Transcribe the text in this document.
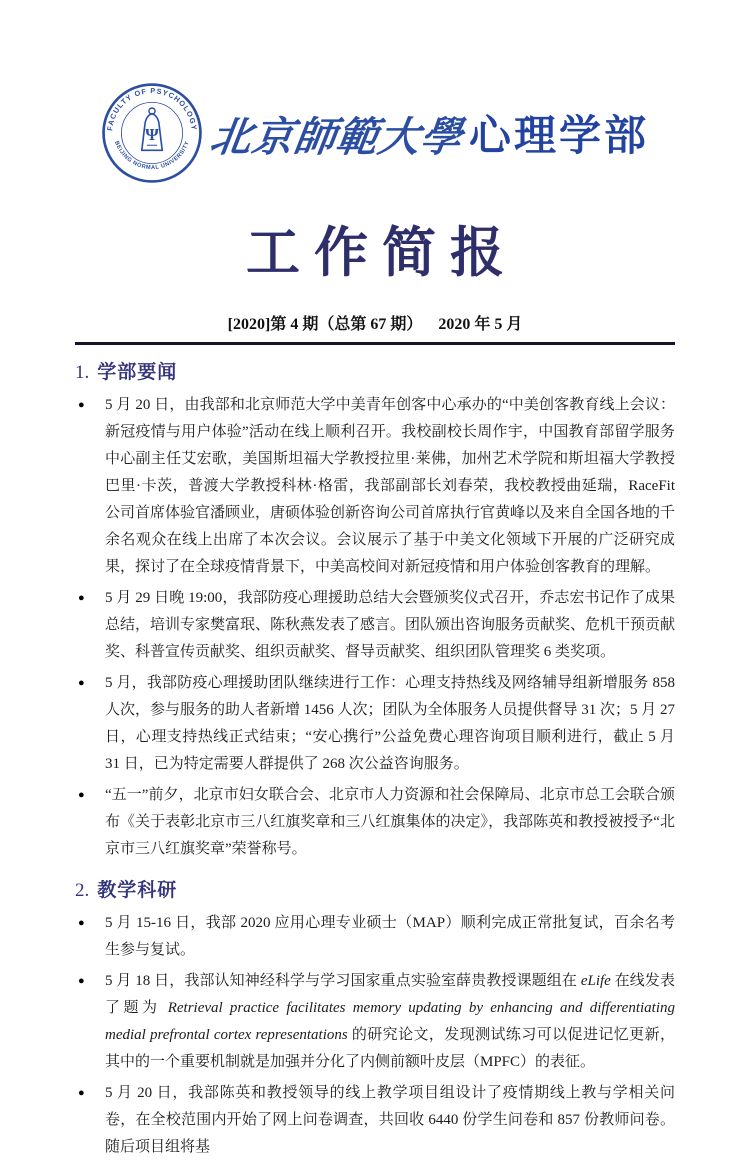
FACULTY OF PSYCHOLOGY
BEIJING NORMAL UNIVERSITY
Ψ 北京師範大學 心理学部
工作简报
[2020]第 4 期（总第 67 期）    2020 年 5 月
1. 学部要闻
●	5 月 20 日，由我部和北京师范大学中美青年创客中心承办的“中美创客教育线上会议：新冠疫情与用户体验”活动在线上顺利召开。我校副校长周作宇，中国教育部留学服务中心副主任艾宏歌，美国斯坦福大学教授拉里·莱佛，加州艺术学院和斯坦福大学教授巴里·卡茨，普渡大学教授科林·格雷，我部副部长刘春荣，我校教授曲延瑞，RaceFit 公司首席体验官潘顾业，唐硕体验创新咨询公司首席执行官黄峰以及来自全国各地的千余名观众在线上出席了本次会议。会议展示了基于中美文化领域下开展的广泛研究成果，探讨了在全球疫情背景下，中美高校间对新冠疫情和用户体验创客教育的理解。
●	5 月 29 日晚 19:00，我部防疫心理援助总结大会暨颁奖仪式召开，乔志宏书记作了成果总结，培训专家樊富珉、陈秋燕发表了感言。团队颁出咨询服务贡献奖、危机干预贡献奖、科普宣传贡献奖、组织贡献奖、督导贡献奖、组织团队管理奖 6 类奖项。
●	5 月，我部防疫心理援助团队继续进行工作：心理支持热线及网络辅导组新增服务 858 人次，参与服务的助人者新增 1456 人次；团队为全体服务人员提供督导 31 次；5 月 27 日，心理支持热线正式结束；“安心携行”公益免费心理咨询项目顺利进行，截止 5 月 31 日，已为特定需要人群提供了 268 次公益咨询服务。
●	“五一”前夕，北京市妇女联合会、北京市人力资源和社会保障局、北京市总工会联合颁布《关于表彰北京市三八红旗奖章和三八红旗集体的决定》，我部陈英和教授被授予“北京市三八红旗奖章”荣誉称号。
2. 教学科研
●	5 月 15-16 日，我部 2020 应用心理专业硕士（MAP）顺利完成正常批复试，百余名考生参与复试。
●	5 月 18 日，我部认知神经科学与学习国家重点实验室薛贵教授课题组在 eLife 在线发表了题为 Retrieval practice facilitates memory updating by enhancing and differentiating medial prefrontal cortex representations 的研究论文，发现测试练习可以促进记忆更新，其中的一个重要机制就是加强并分化了内侧前额叶皮层（MPFC）的表征。
●	5 月 20 日，我部陈英和教授领导的线上教学项目组设计了疫情期线上教与学相关问卷，在全校范围内开始了网上问卷调查，共回收 6440 份学生问卷和 857 份教师问卷。随后项目组将基
